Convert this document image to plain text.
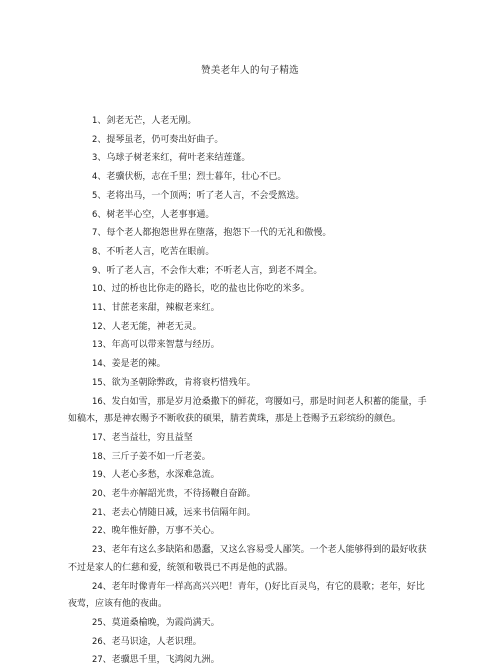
赞美老年人的句子精选
1、剑老无芒，人老无刚。
2、提琴虽老，仍可奏出好曲子。
3、乌球子树老来红，荷叶老来结莲蓬。
4、老骥伏枥，志在千里；烈士暮年，壮心不已。
5、老将出马，一个顶两；听了老人言，不会受熬迭。
6、树老半心空，人老事事通。
7、每个老人都抱怨世界在堕落，抱怨下一代的无礼和傲慢。
8、不听老人言，吃苦在眼前。
9、听了老人言，不会作大难；不听老人言，到老不周全。
10、过的桥也比你走的路长，吃的盐也比你吃的米多。
11、甘蔗老来甜，辣椒老来红。
12、人老无能，神老无灵。
13、年高可以带来智慧与经历。
14、姜是老的辣。
15、欲为圣朝除弊政，肯将衰朽惜残年。
16、发白如雪，那是岁月沧桑撒下的鲜花，弯腰如弓，那是时间老人积蓄的能量，手
如稿木，那是神农赐予不断收获的硕果，腈若黄珠，那是上苍赐予五彩缤纷的颜色。
17、老当益壮，穷且益坚
18、三斤子姜不如一斤老姜。
19、人老心多愁，水深难急流。
20、老牛亦解韶光贵，不待扬鞭自奋蹄。
21、老去心情随日减，远来书信隔年间。
22、晚年惟好静，万事不关心。
23、老年有这么多缺陷和愚蠢，又这么容易受人鄙笑。一个老人能够得到的最好收获
不过是家人的仁慈和爱，统领和敬畏已不再是他的武器。
24、老年时像青年一样高高兴兴吧！青年，()好比百灵鸟，有它的晨歌；老年，好比
夜莺，应该有他的夜曲。
25、莫道桑榆晚，为霞尚满天。
26、老马识途，人老识理。
27、老骥思千里，飞鸿阅九洲。
